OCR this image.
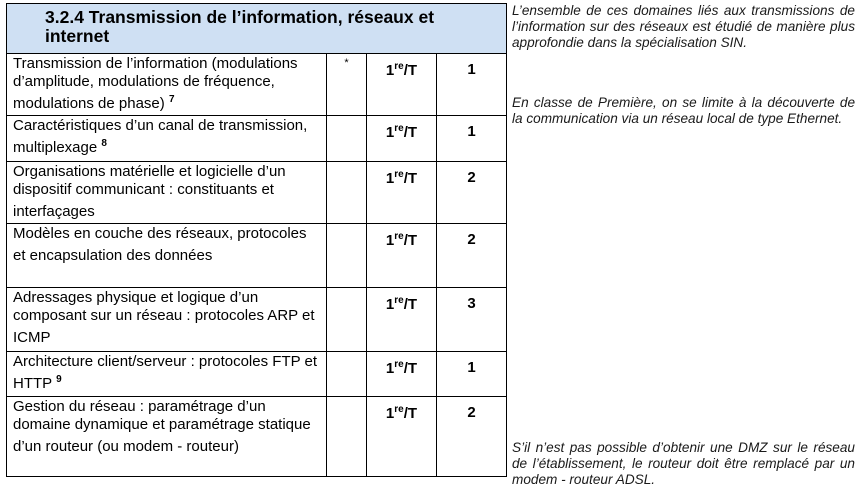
3.2.4 Transmission de l’information, réseaux et internet			

Transmission de l’information (modulations d’amplitude, modulations de fréquence, modulations de phase) $^7$	*	1re/T	1

Caractéristiques d’un canal de transmission, multiplexage $^8$		1re/T	1

Organisations matérielle et logicielle d’un dispositif communicant : constituants et interfaçages		1re/T	2

Modèles en couche des réseaux, protocoles et encapsulation des données		1re/T	2

Adressages physique et logique d’un composant sur un réseau : protocoles ARP et ICMP		1re/T	3

Architecture client/serveur : protocoles FTP et HTTP $^9$		1re/T	1

Gestion du réseau : paramétrage d’un domaine dynamique et paramétrage statique d’un routeur (ou modem - routeur)		1re/T	2

L’ensemble de ces domaines liés aux transmissions de l’information sur des réseaux est étudié de manière plus approfondie dans la spécialisation SIN.

En classe de Première, on se limite à la découverte de la communication via un réseau local de type Ethernet.

S’il n’est pas possible d’obtenir une DMZ sur le réseau de l’établissement, le routeur doit être remplacé par un modem - routeur ADSL.
